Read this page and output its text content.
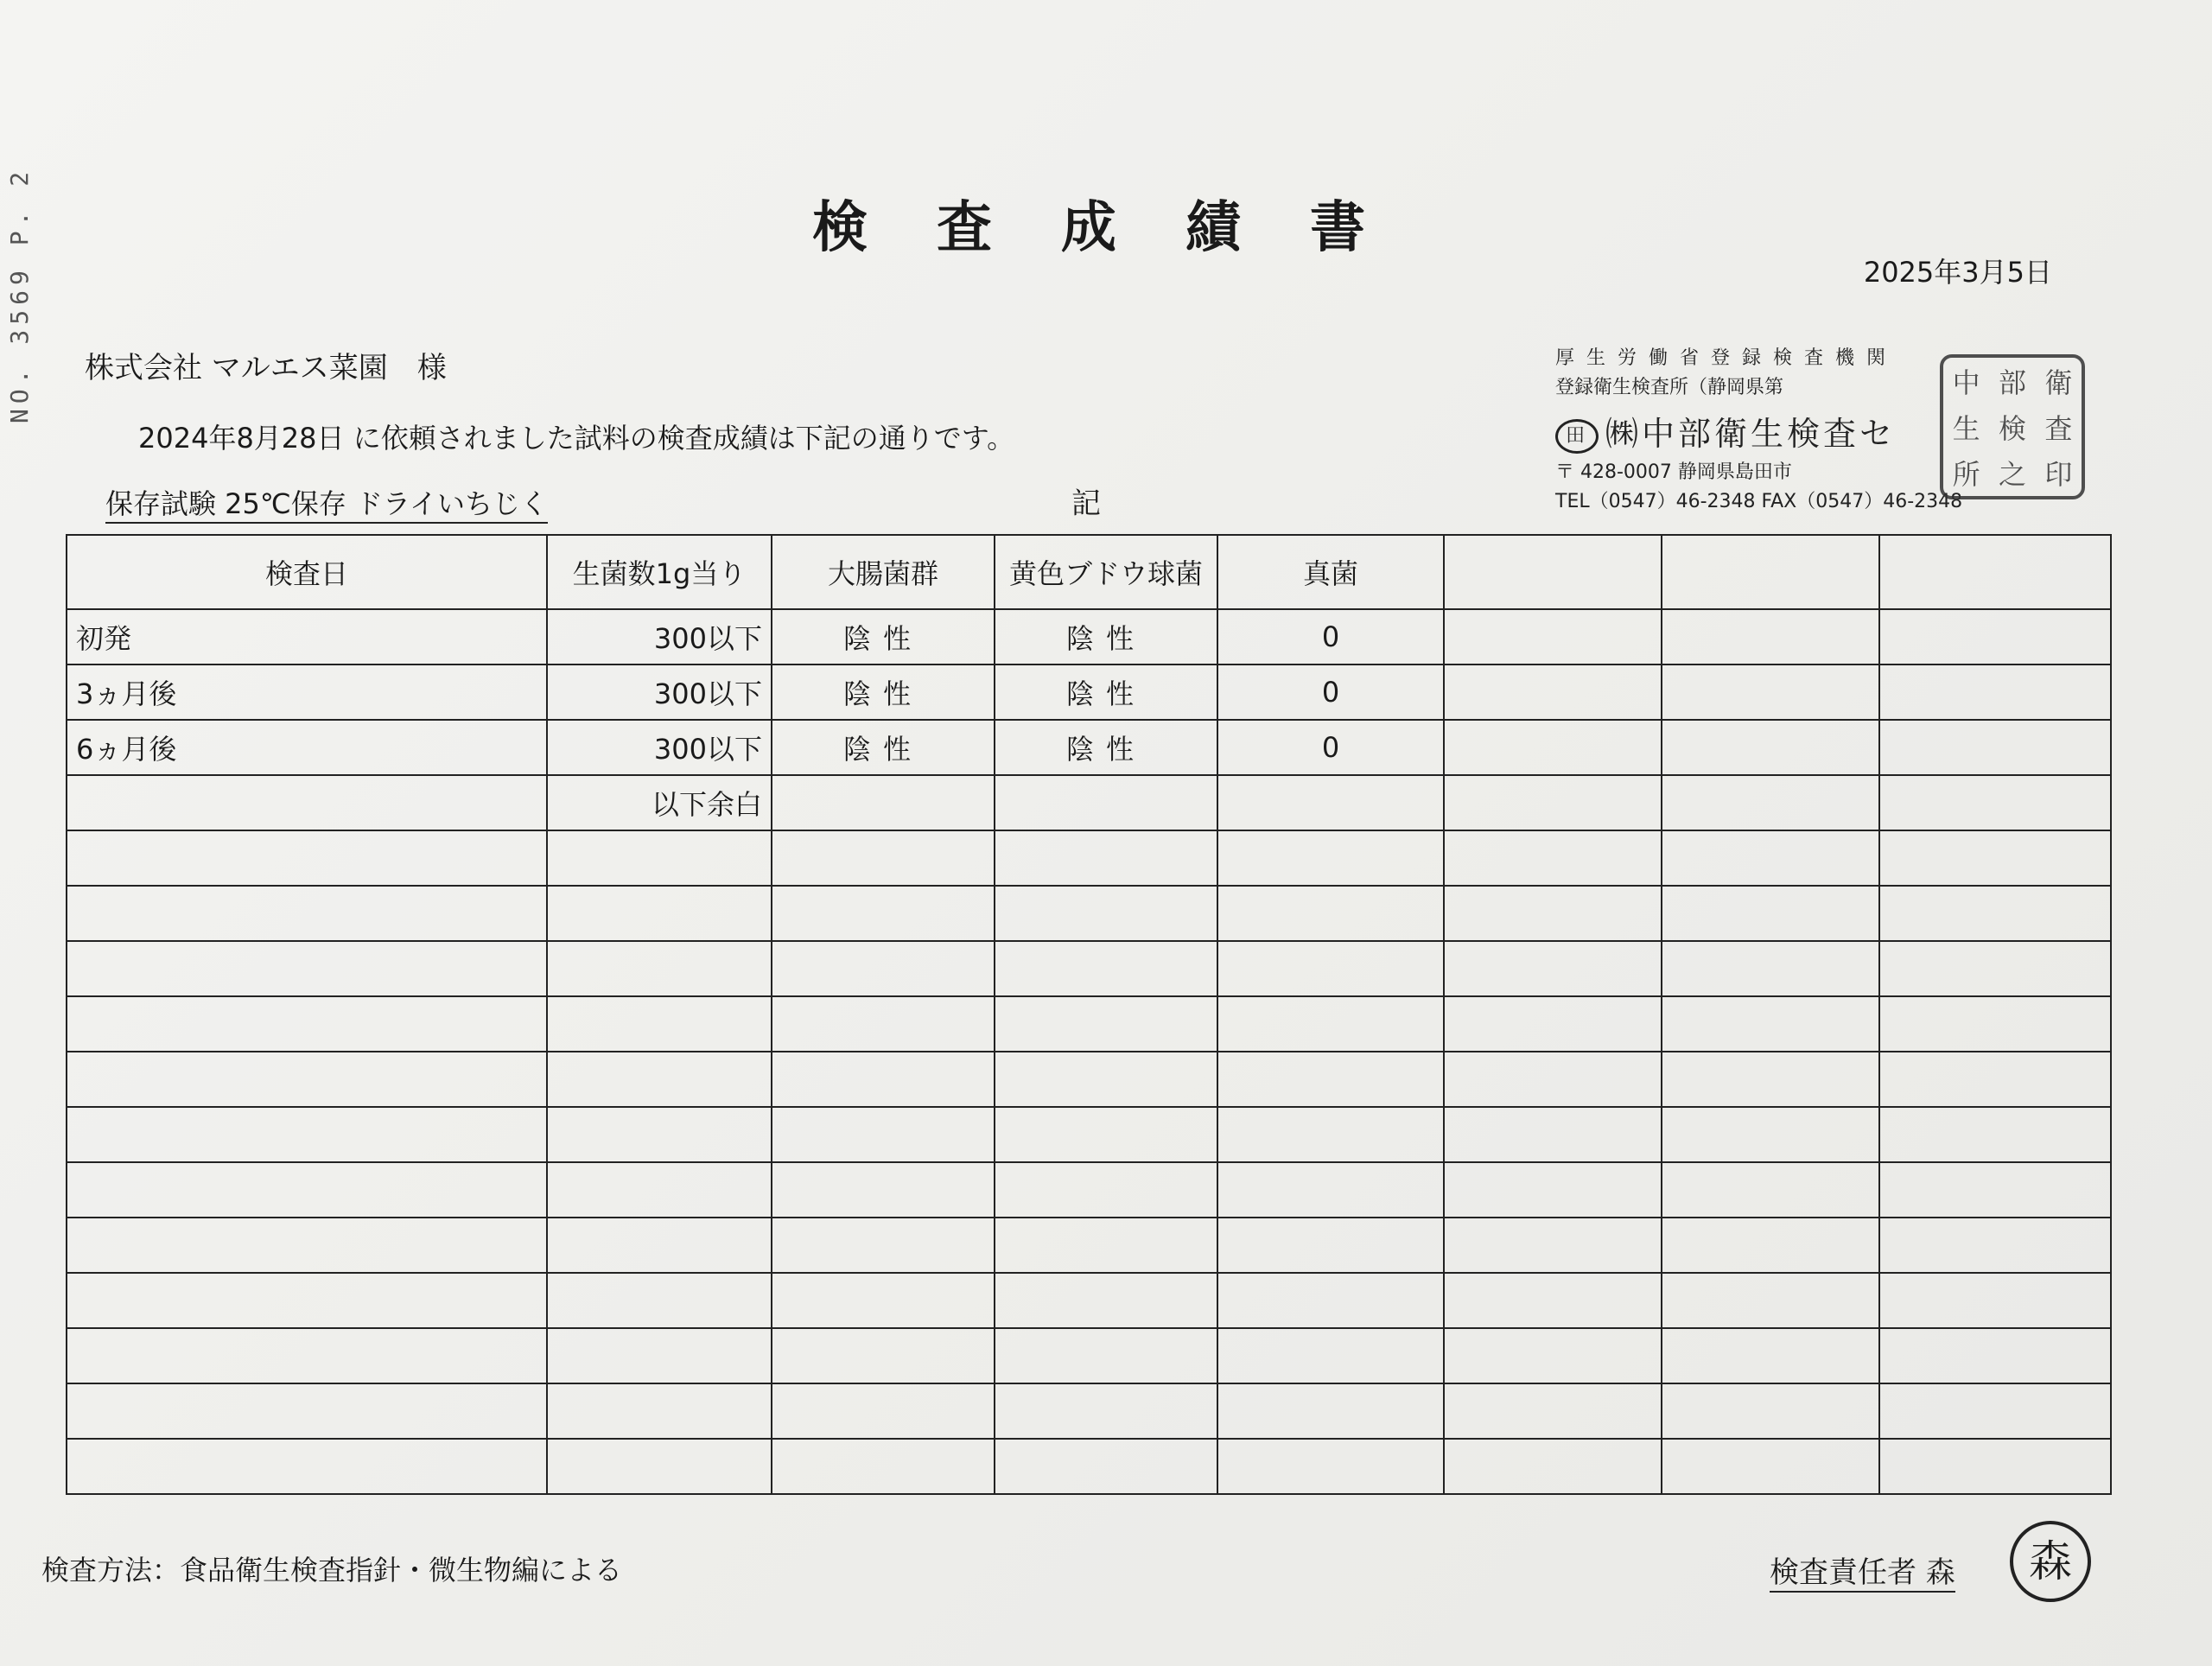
NO. 3569 P. 2	検査成績書
2025年3月5日
株式会社 マルエス菜園　様
2024年8月28日 に依頼されました試料の検査成績は下記の通りです。
保存試験 25℃保存 ドライいちじく	記
厚生労働省登録検査機関
登録衛生検査所（静岡県第
田 ㈱中部衛生検査セ
〒 428-0007 静岡県島田市
TEL（0547）46-2348 FAX（0547）46-2348
中 部 衛
生 検 査
所 之 印
検査日	生菌数1g当り	大腸菌群	黄色ブドウ球菌	真菌			
初発	300以下	陰性	陰性	0			
3ヵ月後	300以下	陰性	陰性	0			
6ヵ月後	300以下	陰性	陰性	0			
	以下余白						

検査方法：食品衛生検査指針・微生物編による	検査責任者 森	森
